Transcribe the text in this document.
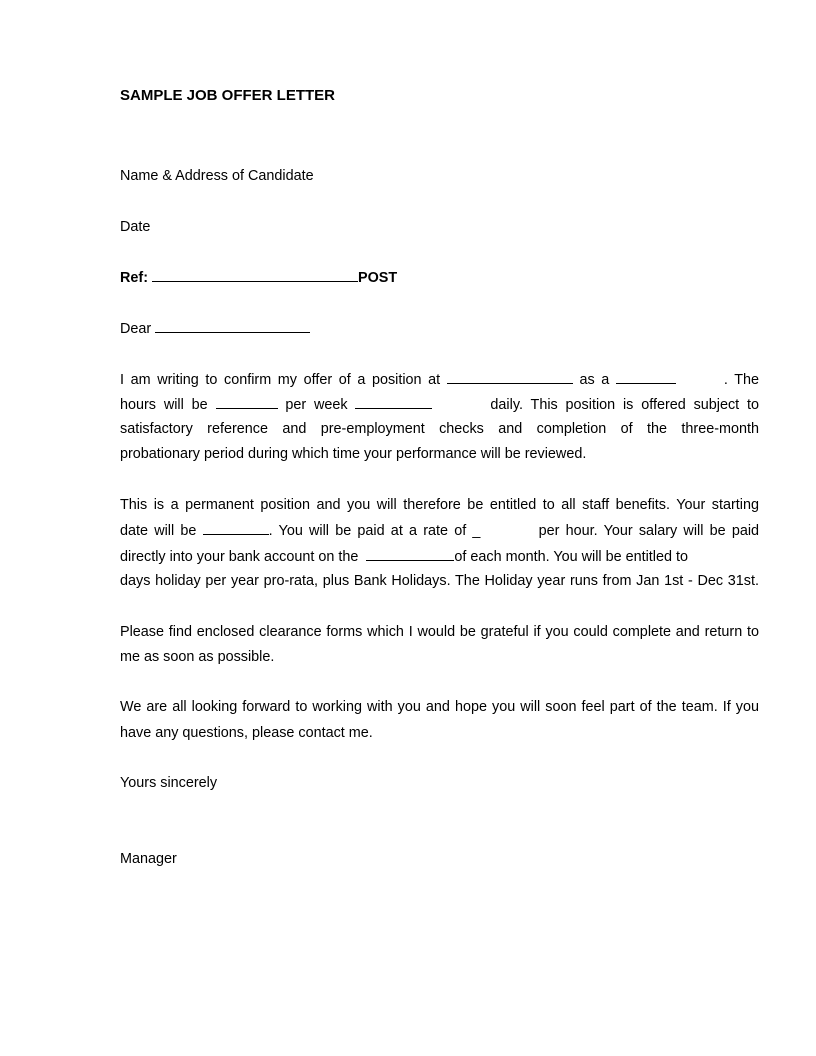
SAMPLE JOB OFFER LETTER
Name & Address of Candidate
Date
Ref:	POST
Dear
I am writing to confirm my offer of a position at	as a	. The
hours will be	per week	daily. This position is offered subject to
satisfactory reference and pre-employment checks and completion of the three-month
probationary period during which time your performance will be reviewed.
This is a permanent position and you will therefore be entitled to all staff benefits. Your starting
date will be	. You will be paid at a rate of _	per hour. Your salary will be paid
directly into your bank account on the	of each month. You will be entitled to
days holiday per year pro-rata, plus Bank Holidays. The Holiday year runs from Jan 1st - Dec 31st.
Please find enclosed clearance forms which I would be grateful if you could complete and return to
me as soon as possible.
We are all looking forward to working with you and hope you will soon feel part of the team. If you
have any questions, please contact me.
Yours sincerely
Manager
